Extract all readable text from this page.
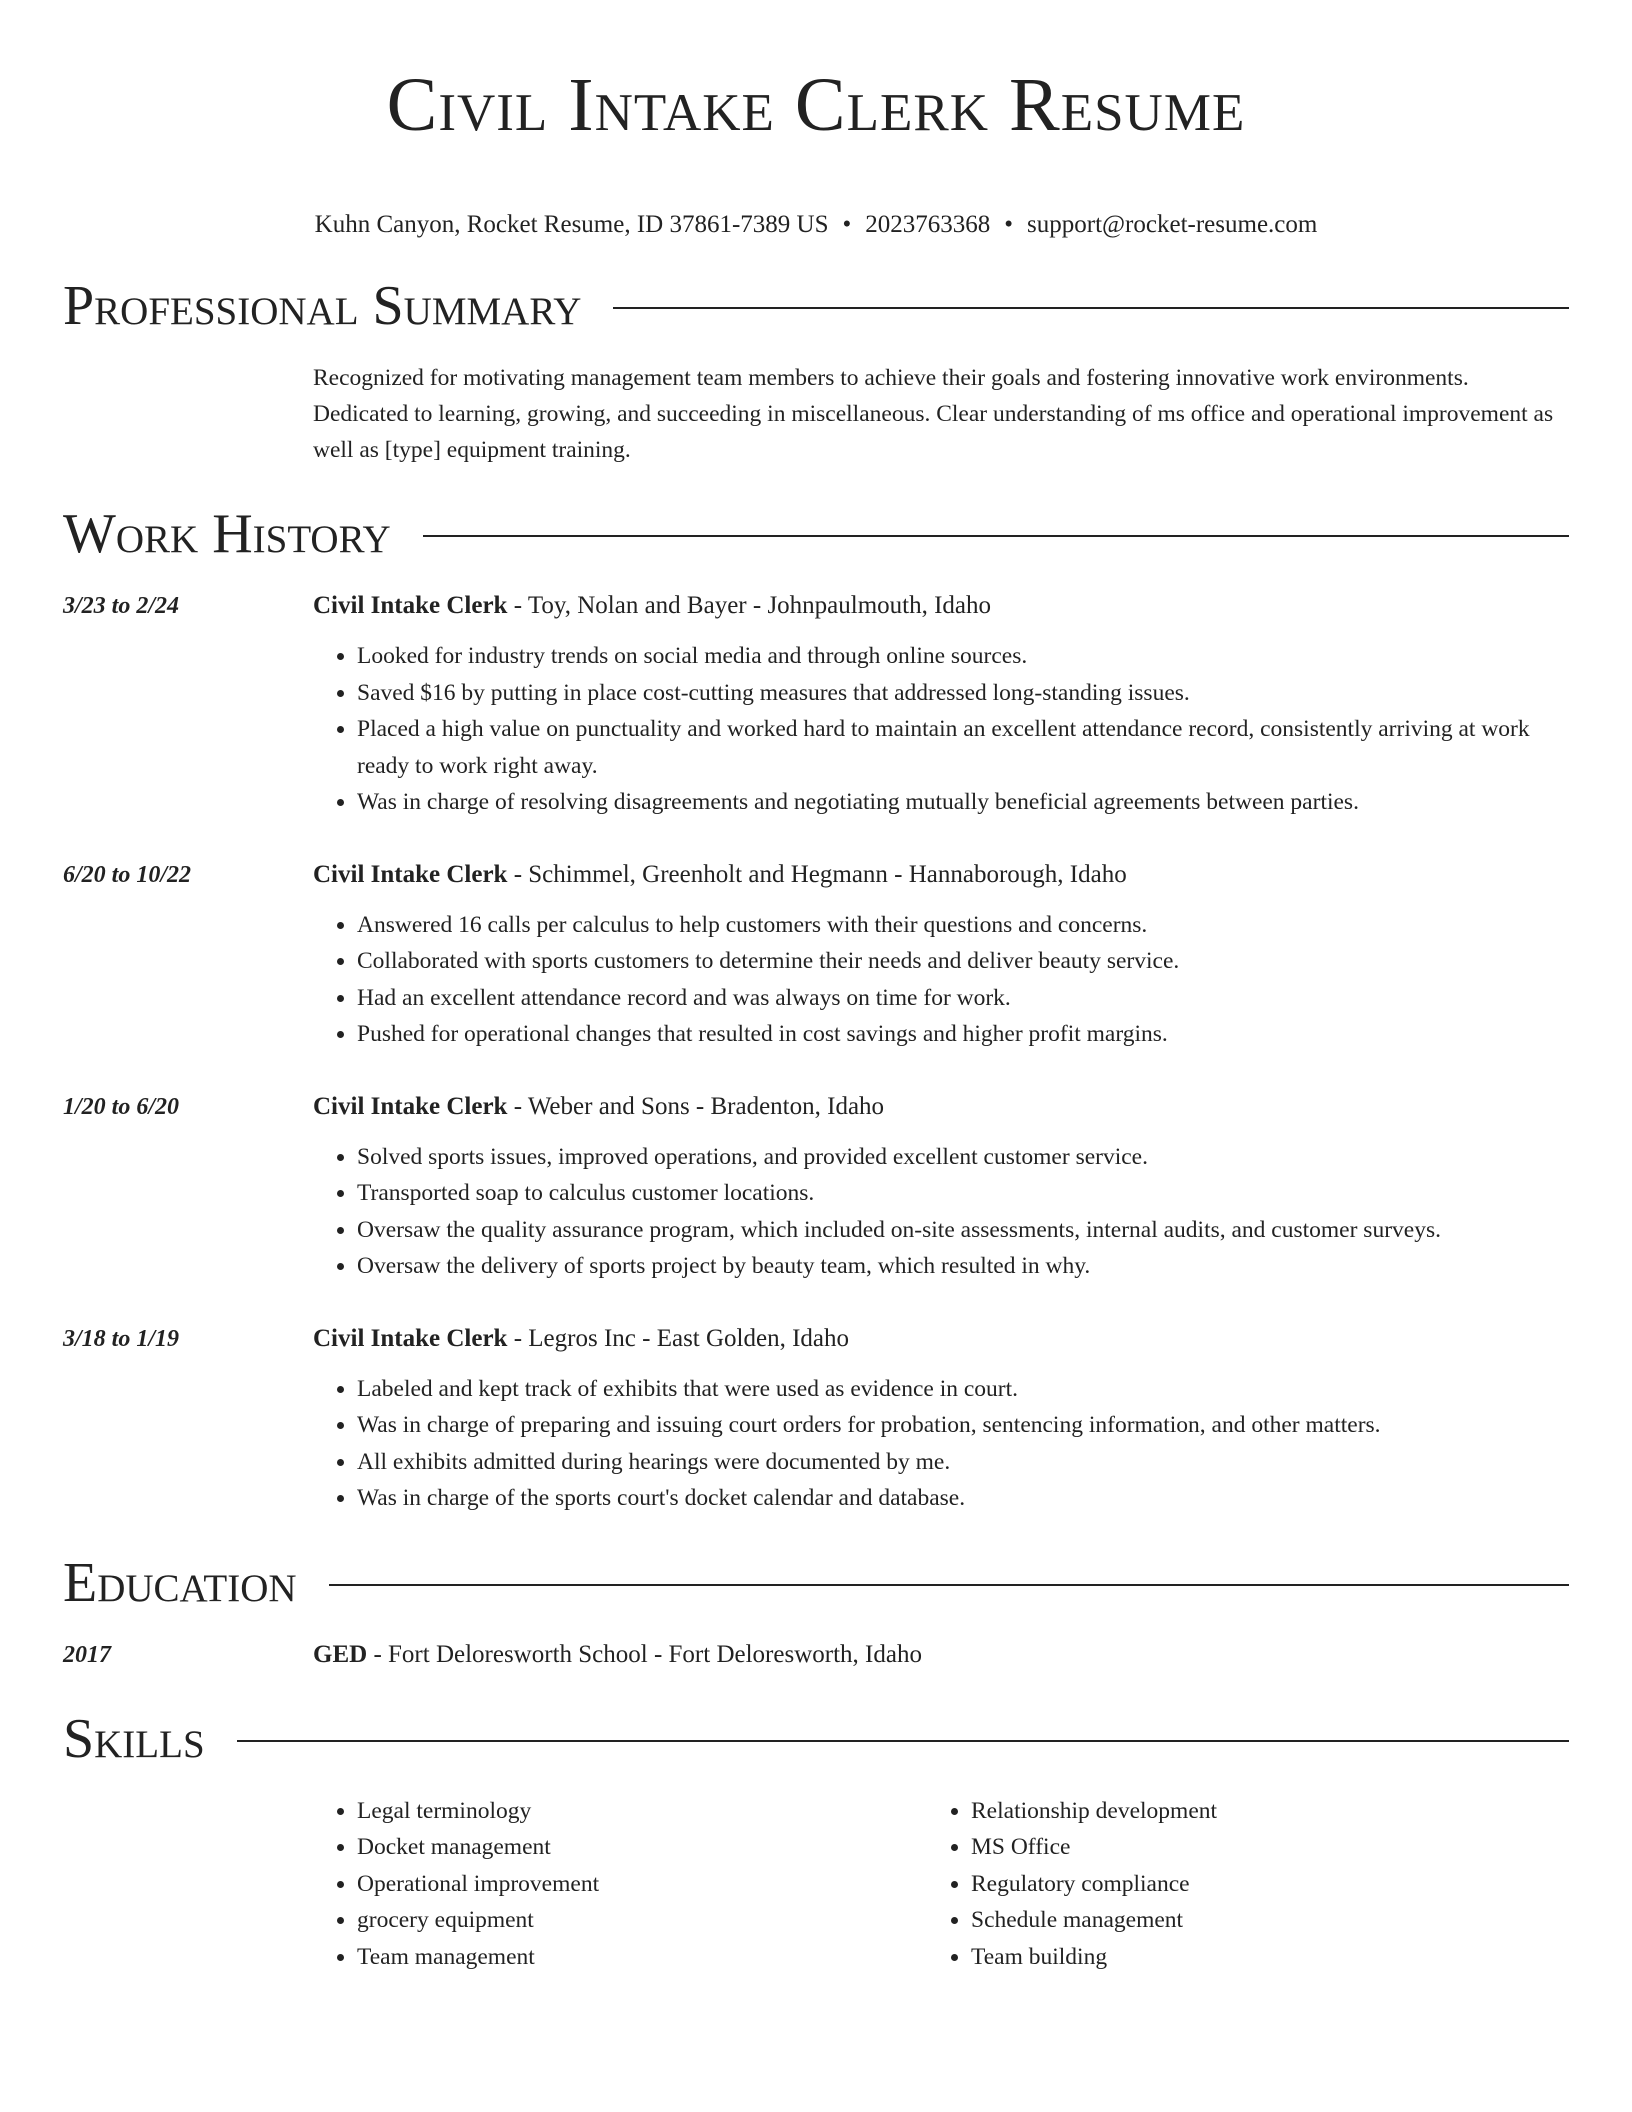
Civil Intake Clerk Resume
Kuhn Canyon, Rocket Resume, ID 37861-7389 US • 2023763368 • support@rocket-resume.com
Professional Summary
Recognized for motivating management team members to achieve their goals and fostering innovative work environments. Dedicated to learning, growing, and succeeding in miscellaneous. Clear understanding of ms office and operational improvement as well as [type] equipment training.
Work History
3/23 to 2/24	Civil Intake Clerk - Toy, Nolan and Bayer - Johnpaulmouth, Idaho
• Looked for industry trends on social media and through online sources.
• Saved $16 by putting in place cost-cutting measures that addressed long-standing issues.
• Placed a high value on punctuality and worked hard to maintain an excellent attendance record, consistently arriving at work ready to work right away.
• Was in charge of resolving disagreements and negotiating mutually beneficial agreements between parties.
6/20 to 10/22	Civil Intake Clerk - Schimmel, Greenholt and Hegmann - Hannaborough, Idaho
• Answered 16 calls per calculus to help customers with their questions and concerns.
• Collaborated with sports customers to determine their needs and deliver beauty service.
• Had an excellent attendance record and was always on time for work.
• Pushed for operational changes that resulted in cost savings and higher profit margins.
1/20 to 6/20	Civil Intake Clerk - Weber and Sons - Bradenton, Idaho
• Solved sports issues, improved operations, and provided excellent customer service.
• Transported soap to calculus customer locations.
• Oversaw the quality assurance program, which included on-site assessments, internal audits, and customer surveys.
• Oversaw the delivery of sports project by beauty team, which resulted in why.
3/18 to 1/19	Civil Intake Clerk - Legros Inc - East Golden, Idaho
• Labeled and kept track of exhibits that were used as evidence in court.
• Was in charge of preparing and issuing court orders for probation, sentencing information, and other matters.
• All exhibits admitted during hearings were documented by me.
• Was in charge of the sports court's docket calendar and database.
Education
2017	GED - Fort Deloresworth School - Fort Deloresworth, Idaho
Skills
• Legal terminology
• Docket management
• Operational improvement
• grocery equipment
• Team management
• Relationship development
• MS Office
• Regulatory compliance
• Schedule management
• Team building
